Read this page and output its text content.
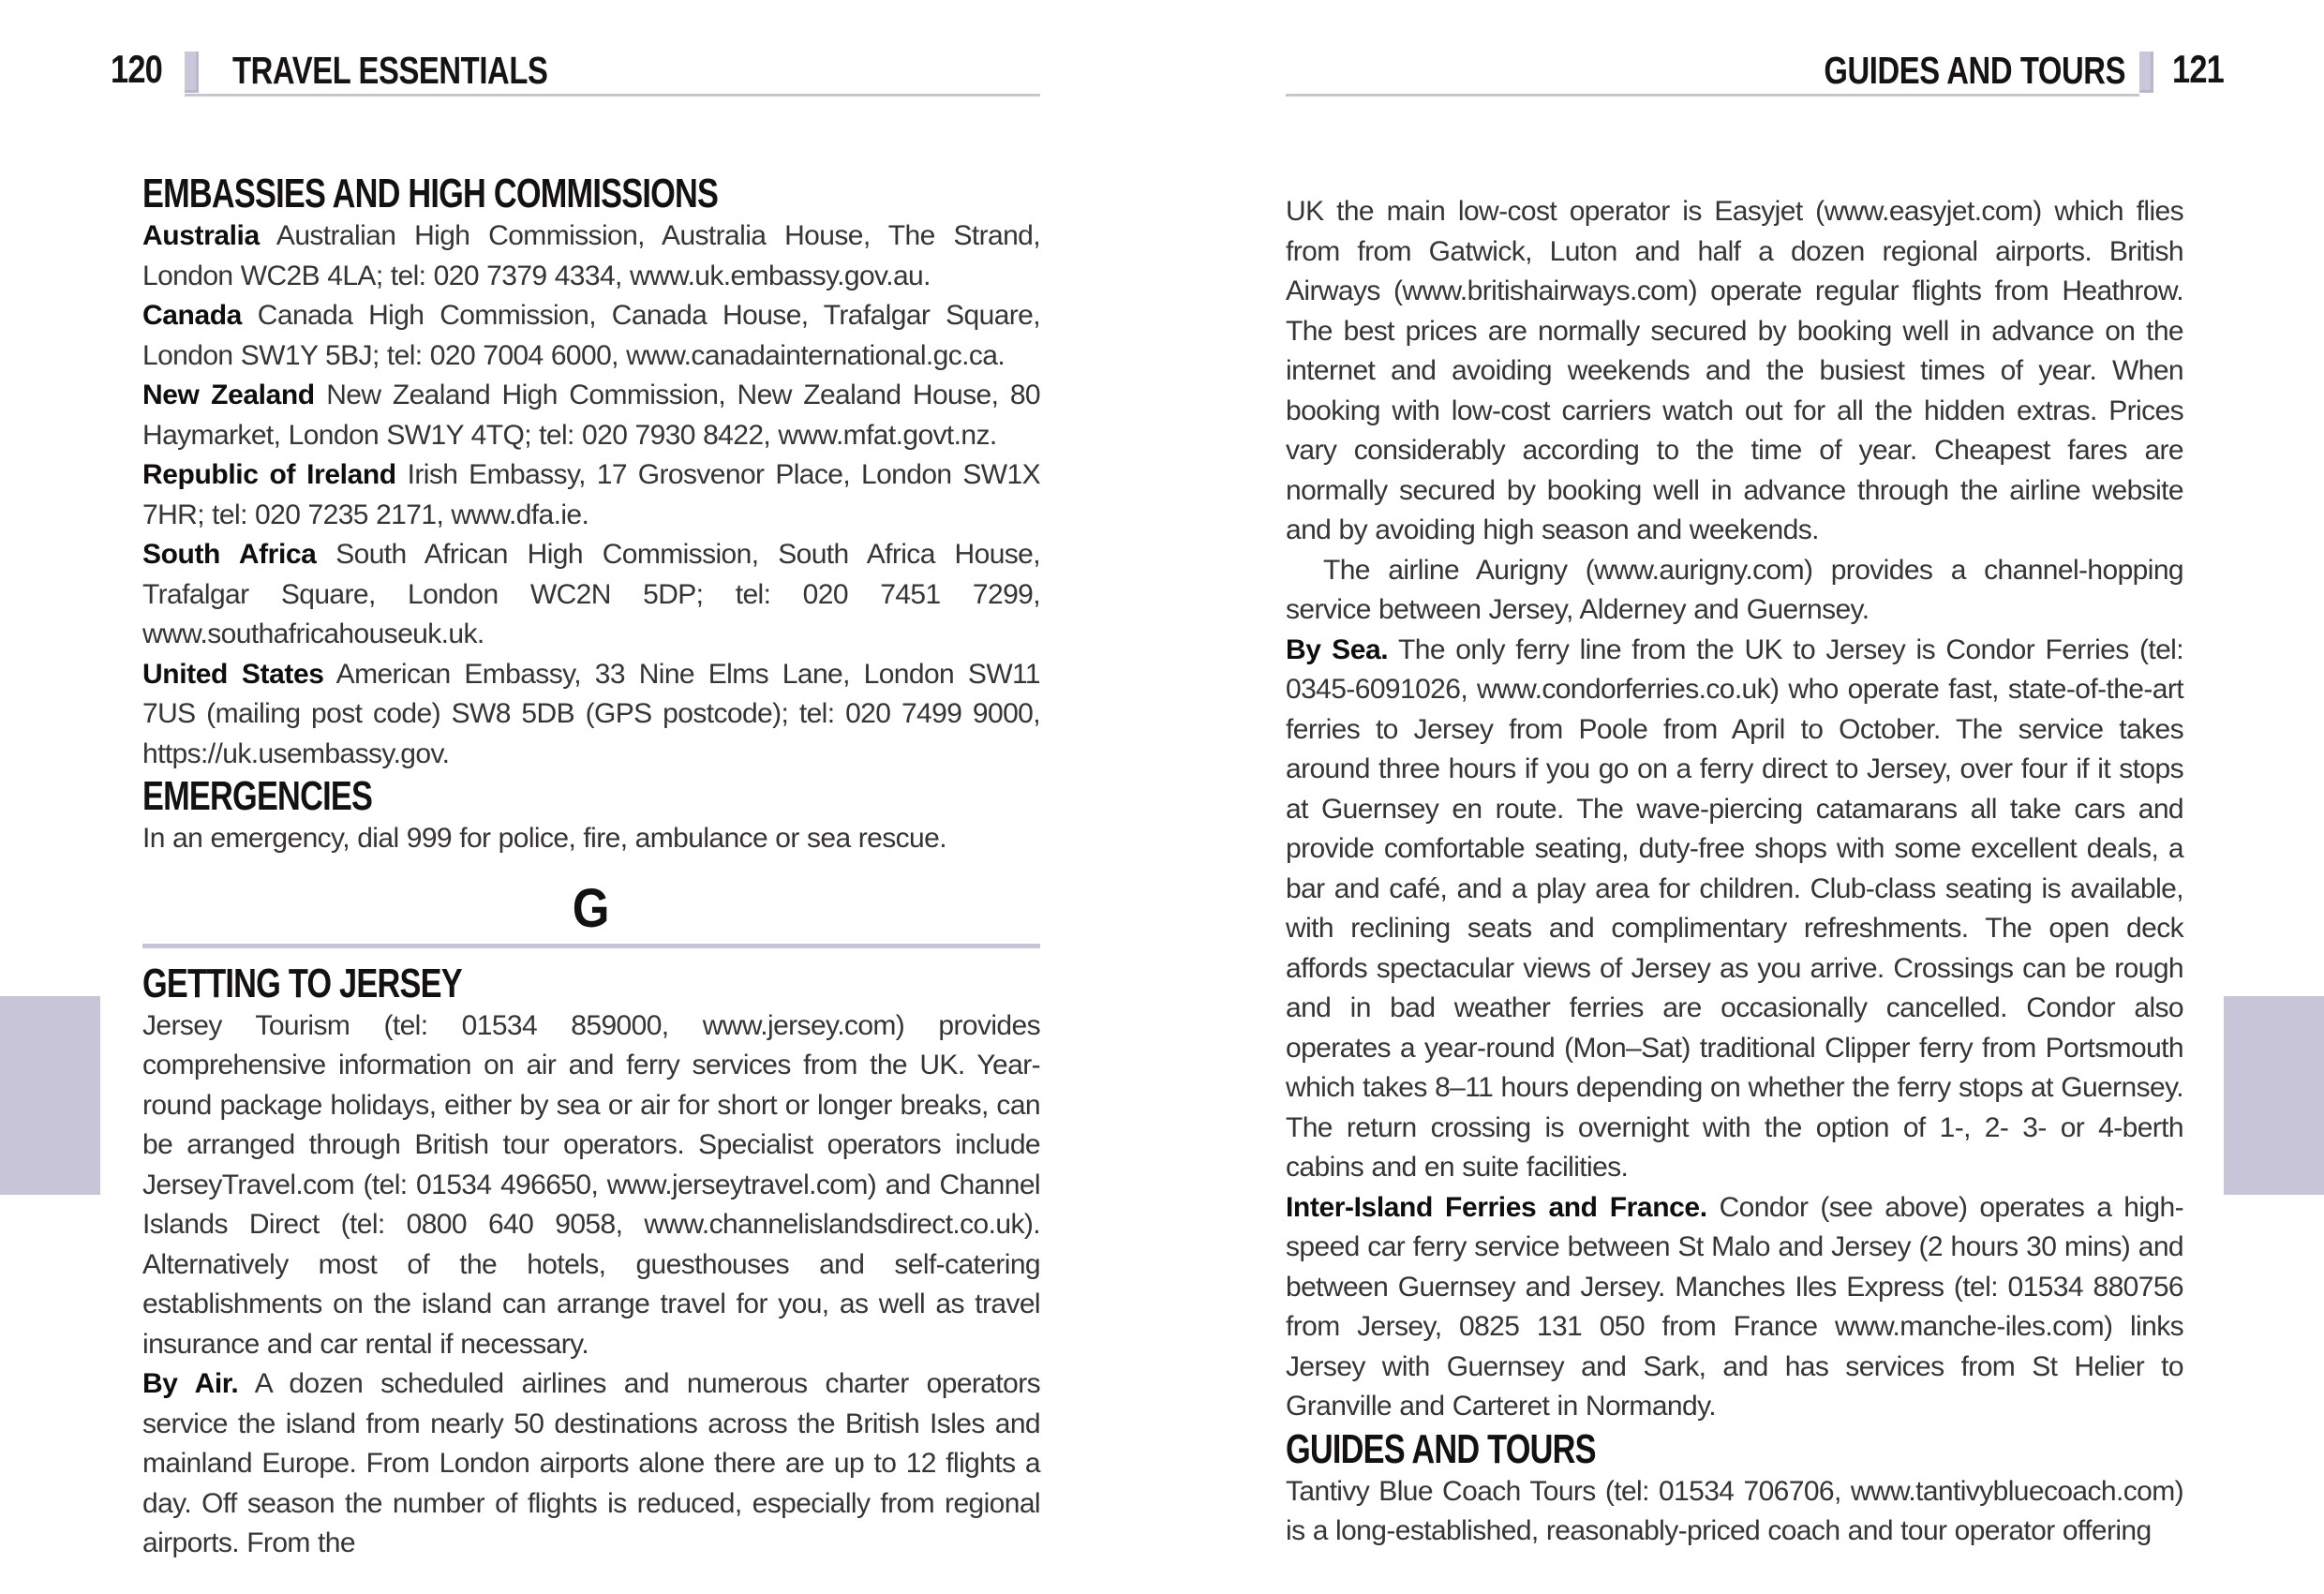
120 TRAVEL ESSENTIALS	GUIDES AND TOURS 121
EMBASSIES AND HIGH COMMISSIONS

Australia Australian High Commission, Australia House, The Strand, London WC2B 4LA; tel: 020 7379 4334, www.uk.embassy.gov.au.

Canada Canada High Commission, Canada House, Trafalgar Square, London SW1Y 5BJ; tel: 020 7004 6000, www.canadainternational.gc.ca.

New Zealand New Zealand High Commission, New Zealand House, 80 Haymarket, London SW1Y 4TQ; tel: 020 7930 8422, www.mfat.govt.nz.

Republic of Ireland Irish Embassy, 17 Grosvenor Place, London SW1X 7HR; tel: 020 7235 2171, www.dfa.ie.

South Africa South African High Commission, South Africa House, Trafalgar Square, London WC2N 5DP; tel: 020 7451 7299, www.southafricahouseuk.uk.

United States American Embassy, 33 Nine Elms Lane, London SW11 7US (mailing post code) SW8 5DB (GPS postcode); tel: 020 7499 9000, https://uk.usembassy.gov.

EMERGENCIES

In an emergency, dial 999 for police, fire, ambulance or sea rescue.

G
GETTING TO JERSEY

Jersey Tourism (tel: 01534 859000, www.jersey.com) provides comprehensive information on air and ferry services from the UK. Year-round package holidays, either by sea or air for short or longer breaks, can be arranged through British tour operators. Specialist operators include JerseyTravel.com (tel: 01534 496650, www.jerseytravel.com) and Channel Islands Direct (tel: 0800 640 9058, www.channelislandsdirect.co.uk). Alternatively most of the hotels, guesthouses and self-catering establishments on the island can arrange travel for you, as well as travel insurance and car rental if necessary.

By Air. A dozen scheduled airlines and numerous charter operators service the island from nearly 50 destinations across the British Isles and mainland Europe. From London airports alone there are up to 12 flights a day. Off season the number of flights is reduced, especially from regional airports. From the

UK the main low-cost operator is Easyjet (www.easyjet.com) which flies from from Gatwick, Luton and half a dozen regional airports. British Airways (www.britishairways.com) operate regular flights from Heathrow. The best prices are normally secured by booking well in advance on the internet and avoiding weekends and the busiest times of year. When booking with low-cost carriers watch out for all the hidden extras. Prices vary considerably according to the time of year. Cheapest fares are normally secured by booking well in advance through the airline website and by avoiding high season and weekends.

The airline Aurigny (www.aurigny.com) provides a channel-hopping service between Jersey, Alderney and Guernsey.

By Sea. The only ferry line from the UK to Jersey is Condor Ferries (tel: 0345-6091026, www.condorferries.co.uk) who operate fast, state-of-the-art ferries to Jersey from Poole from April to October. The service takes around three hours if you go on a ferry direct to Jersey, over four if it stops at Guernsey en route. The wave-piercing catamarans all take cars and provide comfortable seating, duty-free shops with some excellent deals, a bar and café, and a play area for children. Club-class seating is available, with reclining seats and complimentary refreshments. The open deck affords spectacular views of Jersey as you arrive. Crossings can be rough and in bad weather ferries are occasionally cancelled. Condor also operates a year-round (Mon–Sat) traditional Clipper ferry from Portsmouth which takes 8–11 hours depending on whether the ferry stops at Guernsey. The return crossing is overnight with the option of 1-, 2- 3- or 4-berth cabins and en suite facilities.

Inter-Island Ferries and France. Condor (see above) operates a high-speed car ferry service between St Malo and Jersey (2 hours 30 mins) and between Guernsey and Jersey. Manches Iles Express (tel: 01534 880756 from Jersey, 0825 131 050 from France www.manche-iles.com) links Jersey with Guernsey and Sark, and has services from St Helier to Granville and Carteret in Normandy.

GUIDES AND TOURS

Tantivy Blue Coach Tours (tel: 01534 706706, www.tantivybluecoach.com) is a long-established, reasonably-priced coach and tour operator offering
